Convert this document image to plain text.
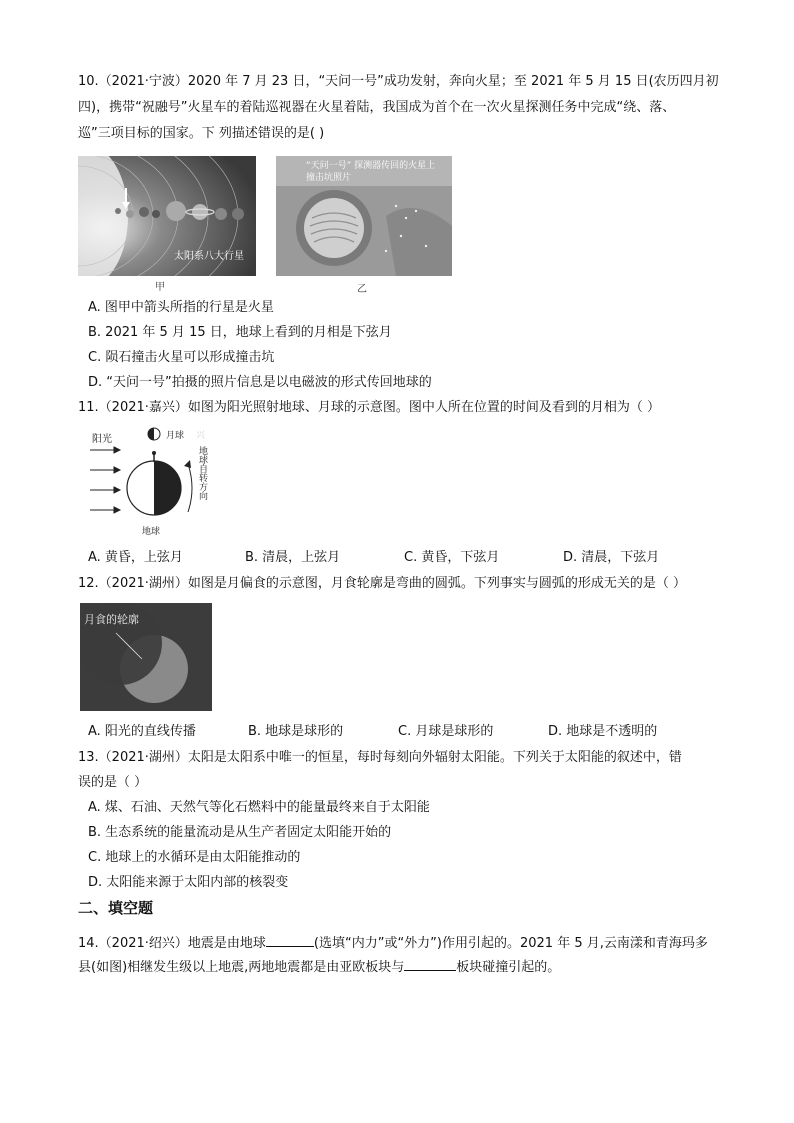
10.（2021·宁波）2020 年 7 月 23 日，“天问一号”成功发射，奔向火星；至 2021 年 5 月 15 日(农历四月初
四)，携带“祝融号”火星车的着陆巡视器在火星着陆，我国成为首个在一次火星探测任务中完成“绕、落、
巡”三项目标的国家。下 列描述错误的是( )
太阳系八大行星
甲
“天问一号” 探测器传回的火星上
撞击坑照片
乙
A. 图甲中箭头所指的行星是火星
B. 2021 年 5 月 15 日，地球上看到的月相是下弦月
C. 陨石撞击火星可以形成撞击坑
D. “天问一号”拍摄的照片信息是以电磁波的形式传回地球的
11.（2021·嘉兴）如图为阳光照射地球、月球的示意图。图中人所在位置的时间及看到的月相为（ ）
阳光	月球
地球
兴
地球自转方向
A. 黄昏，上弦月	B. 清晨，上弦月	C. 黄昏，下弦月	D. 清晨，下弦月
12.（2021·湖州）如图是月偏食的示意图，月食轮廓是弯曲的圆弧。下列事实与圆弧的形成无关的是（ ）
月食的轮廓
A. 阳光的直线传播	B. 地球是球形的	C. 月球是球形的	D. 地球是不透明的
13.（2021·湖州）太阳是太阳系中唯一的恒星，每时每刻向外辐射太阳能。下列关于太阳能的叙述中，错
误的是（ ）
A. 煤、石油、天然气等化石燃料中的能量最终来自于太阳能
B. 生态系统的能量流动是从生产者固定太阳能开始的
C. 地球上的水循环是由太阳能推动的
D. 太阳能来源于太阳内部的核裂变
二、填空题
14.（2021·绍兴）地震是由地球	(选填“内力”或“外力”)作用引起的。2021 年 5 月,云南漾和青海玛多
县(如图)相继发生级以上地震,两地地震都是由亚欧板块与	板块碰撞引起的。
